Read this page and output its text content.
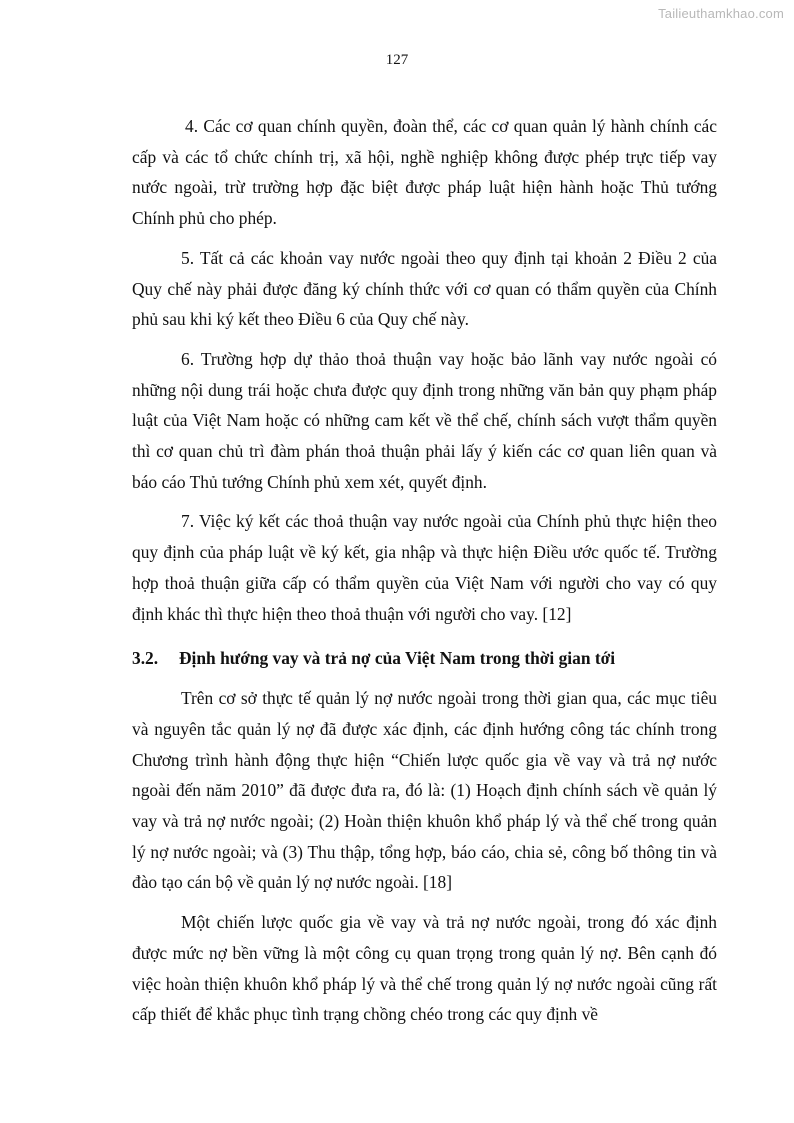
Tailieuthamkhao.com
127

4. Các cơ quan chính quyền, đoàn thể, các cơ quan quản lý hành chính các cấp và các tổ chức chính trị, xã hội, nghề nghiệp không được phép trực tiếp vay nước ngoài, trừ trường hợp đặc biệt được pháp luật hiện hành hoặc Thủ tướng Chính phủ cho phép.

5. Tất cả các khoản vay nước ngoài theo quy định tại khoản 2 Điều 2 của Quy chế này phải được đăng ký chính thức với cơ quan có thẩm quyền của Chính phủ sau khi ký kết theo Điều 6 của Quy chế này.

6. Trường hợp dự thảo thoả thuận vay hoặc bảo lãnh vay nước ngoài có những nội dung trái hoặc chưa được quy định trong những văn bản quy phạm pháp luật của Việt Nam hoặc có những cam kết về thể chế, chính sách vượt thẩm quyền thì cơ quan chủ trì đàm phán thoả thuận phải lấy ý kiến các cơ quan liên quan và báo cáo Thủ tướng Chính phủ xem xét, quyết định.

7. Việc ký kết các thoả thuận vay nước ngoài của Chính phủ thực hiện theo quy định của pháp luật về ký kết, gia nhập và thực hiện Điều ước quốc tế. Trường hợp thoả thuận giữa cấp có thẩm quyền của Việt Nam với người cho vay có quy định khác thì thực hiện theo thoả thuận với người cho vay. [12]

3.2. Định hướng vay và trả nợ của Việt Nam trong thời gian tới

Trên cơ sở thực tế quản lý nợ nước ngoài trong thời gian qua, các mục tiêu và nguyên tắc quản lý nợ đã được xác định, các định hướng công tác chính trong Chương trình hành động thực hiện “Chiến lược quốc gia về vay và trả nợ nước ngoài đến năm 2010” đã được đưa ra, đó là: (1) Hoạch định chính sách về quản lý vay và trả nợ nước ngoài; (2) Hoàn thiện khuôn khổ pháp lý và thể chế trong quản lý nợ nước ngoài; và (3) Thu thập, tổng hợp, báo cáo, chia sẻ, công bố thông tin và đào tạo cán bộ về quản lý nợ nước ngoài. [18]

Một chiến lược quốc gia về vay và trả nợ nước ngoài, trong đó xác định được mức nợ bền vững là một công cụ quan trọng trong quản lý nợ. Bên cạnh đó việc hoàn thiện khuôn khổ pháp lý và thể chế trong quản lý nợ nước ngoài cũng rất cấp thiết để khắc phục tình trạng chồng chéo trong các quy định về
